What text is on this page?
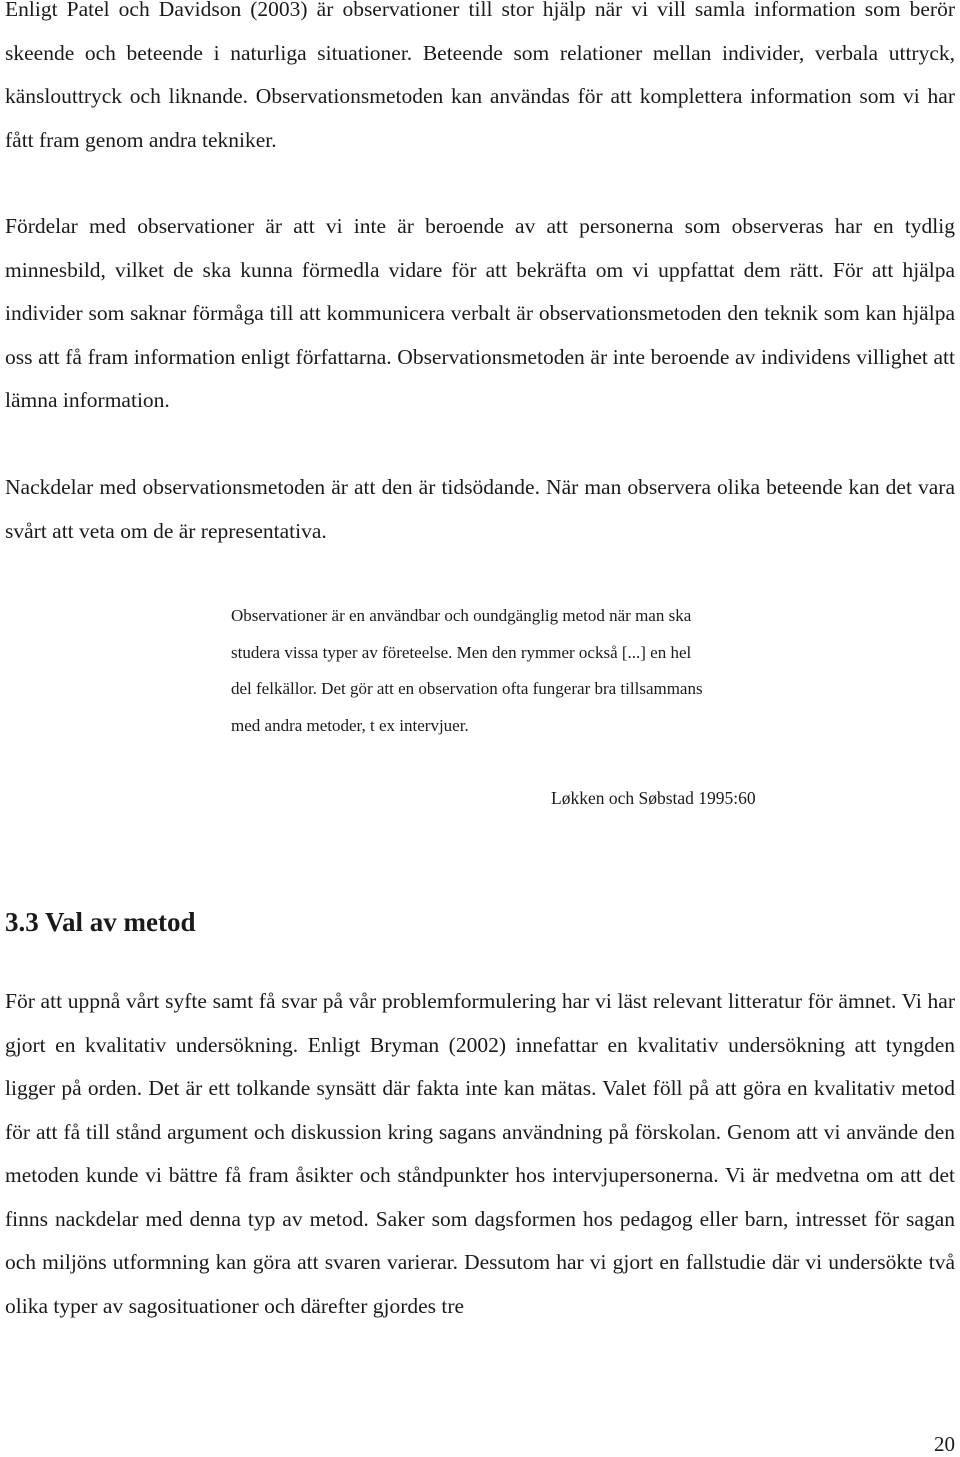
Enligt Patel och Davidson (2003) är observationer till stor hjälp när vi vill samla information som berör skeende och beteende i naturliga situationer. Beteende som relationer mellan individer, verbala uttryck, känslouttryck och liknande. Observationsmetoden kan användas för att komplettera information som vi har fått fram genom andra tekniker.

Fördelar med observationer är att vi inte är beroende av att personerna som observeras har en tydlig minnesbild, vilket de ska kunna förmedla vidare för att bekräfta om vi uppfattat dem rätt. För att hjälpa individer som saknar förmåga till att kommunicera verbalt är observationsmetoden den teknik som kan hjälpa oss att få fram information enligt författarna. Observationsmetoden är inte beroende av individens villighet att lämna information.

Nackdelar med observationsmetoden är att den är tidsödande. När man observera olika beteende kan det vara svårt att veta om de är representativa.

Observationer är en användbar och oundgänglig metod när man ska
studera vissa typer av företeelse. Men den rymmer också [...] en hel
del felkällor. Det gör att en observation ofta fungerar bra tillsammans
med andra metoder, t ex intervjuer.

Løkken och Søbstad 1995:60

3.3 Val av metod

För att uppnå vårt syfte samt få svar på vår problemformulering har vi läst relevant litteratur för ämnet. Vi har gjort en kvalitativ undersökning. Enligt Bryman (2002) innefattar en kvalitativ undersökning att tyngden ligger på orden. Det är ett tolkande synsätt där fakta inte kan mätas. Valet föll på att göra en kvalitativ metod för att få till stånd argument och diskussion kring sagans användning på förskolan. Genom att vi använde den metoden kunde vi bättre få fram åsikter och ståndpunkter hos intervjupersonerna. Vi är medvetna om att det finns nackdelar med denna typ av metod. Saker som dagsformen hos pedagog eller barn, intresset för sagan och miljöns utformning kan göra att svaren varierar. Dessutom har vi gjort en fallstudie där vi undersökte två olika typer av sagosituationer och därefter gjordes tre

20
